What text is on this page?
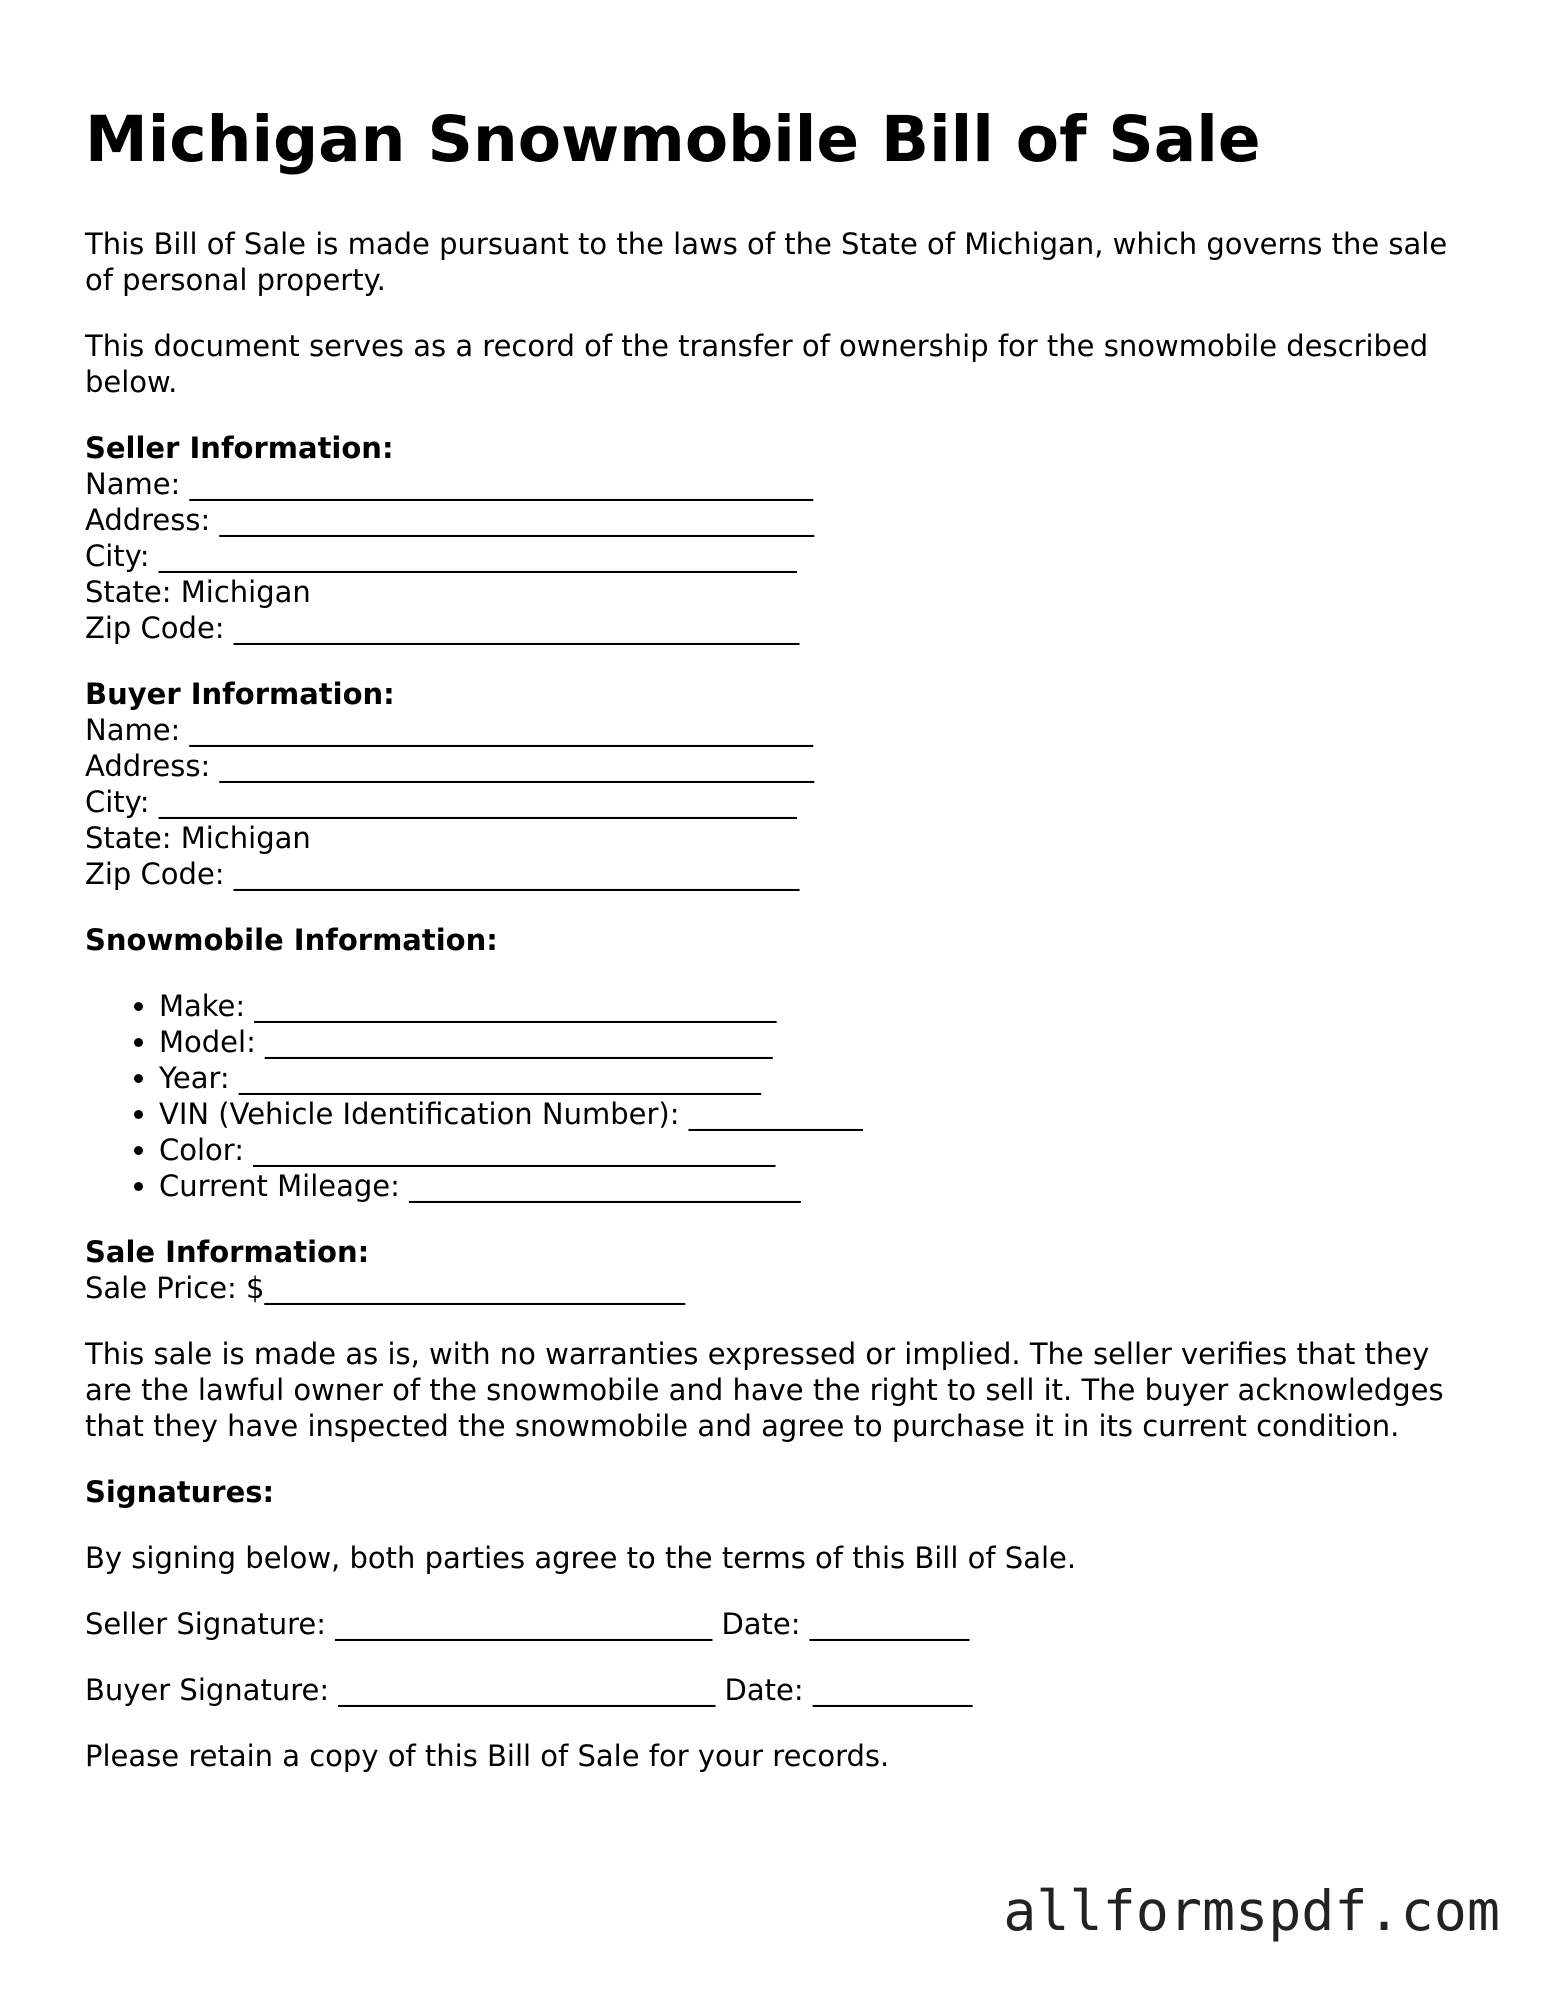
Michigan Snowmobile Bill of Sale

This Bill of Sale is made pursuant to the laws of the State of Michigan, which governs the sale of personal property.

This document serves as a record of the transfer of ownership for the snowmobile described below.

Seller Information:
Name: ___________________________________________
Address: _________________________________________
City: ____________________________________________
State: Michigan
Zip Code: _______________________________________
Buyer Information:
Name: ___________________________________________
Address: _________________________________________
City: ____________________________________________
State: Michigan
Zip Code: _______________________________________
Snowmobile Information:
• Make: ____________________________________
• Model: ___________________________________
• Year: ____________________________________
• VIN (Vehicle Identification Number): ____________
• Color: ____________________________________
• Current Mileage: ___________________________
Sale Information:
Sale Price: $_____________________________

This sale is made as is, with no warranties expressed or implied. The seller verifies that they are the lawful owner of the snowmobile and have the right to sell it. The buyer acknowledges that they have inspected the snowmobile and agree to purchase it in its current condition.

Signatures:

By signing below, both parties agree to the terms of this Bill of Sale.

Seller Signature: __________________________ Date: ___________

Buyer Signature: __________________________ Date: ___________

Please retain a copy of this Bill of Sale for your records.

allformspdf.com
